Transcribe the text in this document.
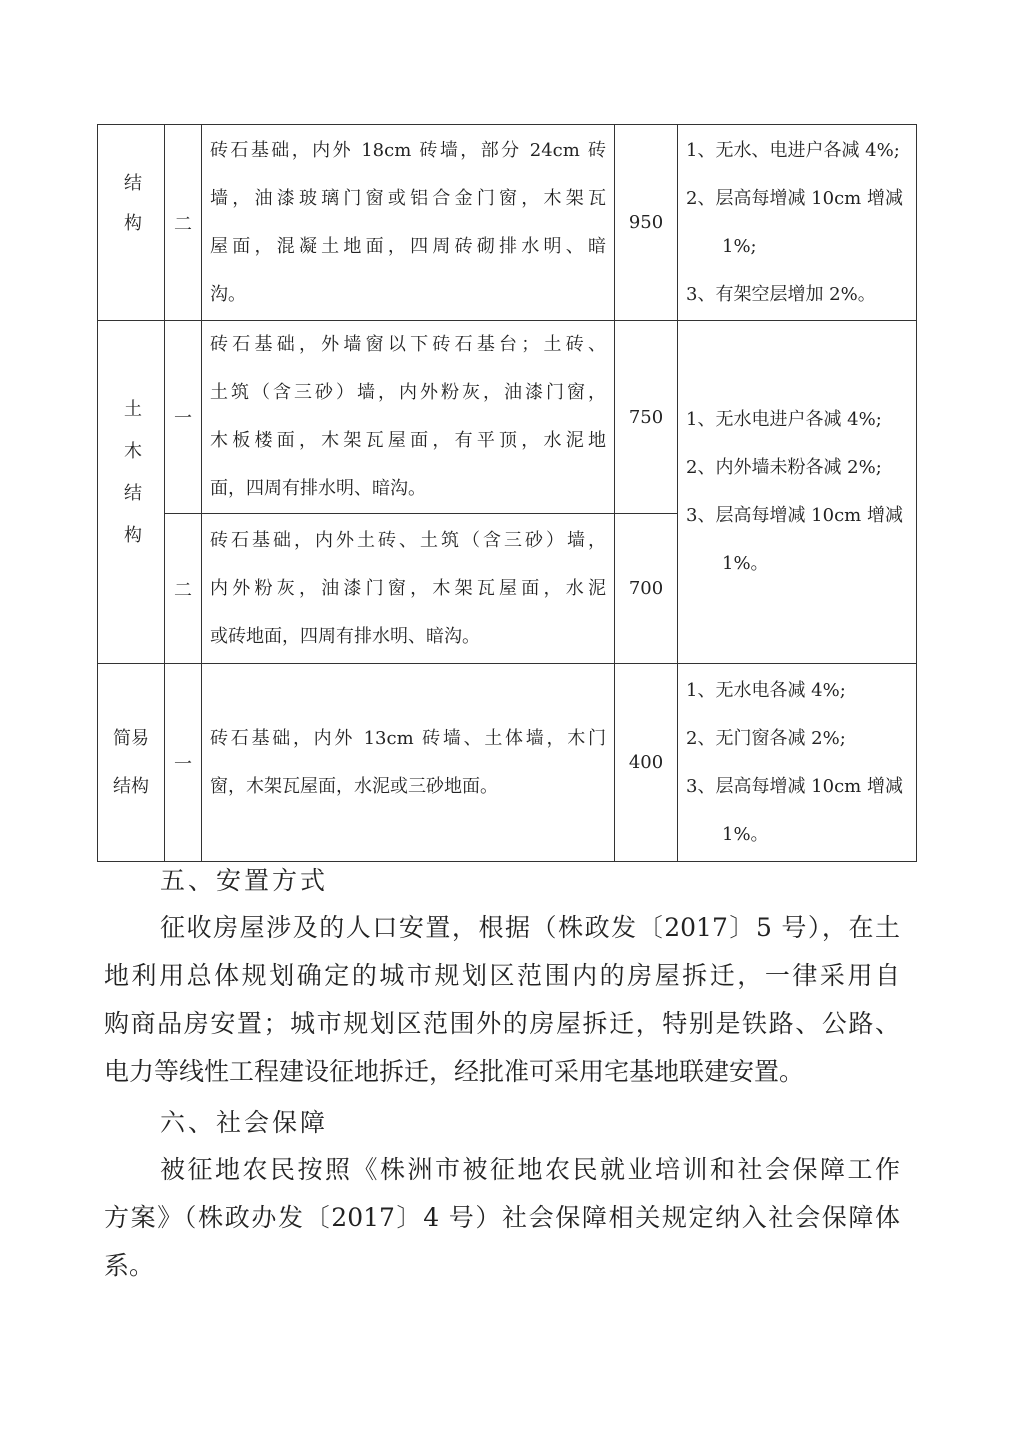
结构	二	砖石基础，内外 18cm 砖墙，部分 24cm 砖
墙，油漆玻璃门窗或铝合金门窗，木架瓦
屋面，混凝土地面，四周砖砌排水明、暗
沟。	950	1、无水、电进户各减 4%;
2、层高每增减 10cm 增减
1%;
3、有架空层增加 2%。

土木结构	一	砖石基础，外墙窗以下砖石基台；土砖、
土筑（含三砂）墙，内外粉灰，油漆门窗，
木板楼面，木架瓦屋面，有平顶，水泥地
面，四周有排水明、暗沟。	750	1、无水电进户各减 4%;
2、内外墙未粉各减 2%;
3、层高每增减 10cm 增减
1%。

	二	砖石基础，内外土砖、土筑（含三砂）墙，
内外粉灰，油漆门窗，木架瓦屋面，水泥
或砖地面，四周有排水明、暗沟。	700	
简易结构	一	砖石基础，内外 13cm 砖墙、土体墙，木门
窗，木架瓦屋面，水泥或三砂地面。	400	1、无水电各减 4%;
2、无门窗各减 2%;
3、层高每增减 10cm 增减
1%。
五、安置方式
征收房屋涉及的人口安置，根据（株政发〔2017〕5 号），在土
地利用总体规划确定的城市规划区范围内的房屋拆迁，一律采用自
购商品房安置；城市规划区范围外的房屋拆迁，特别是铁路、公路、
电力等线性工程建设征地拆迁，经批准可采用宅基地联建安置。
六、社会保障
被征地农民按照《株洲市被征地农民就业培训和社会保障工作
方案》（株政办发〔2017〕4 号）社会保障相关规定纳入社会保障体
系。
